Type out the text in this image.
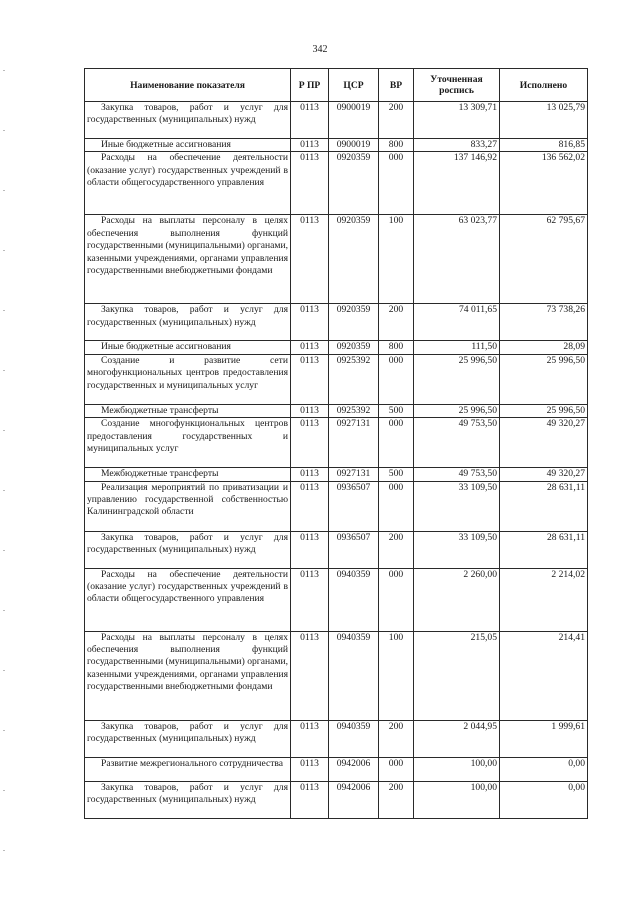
342
Наименование показателя	Р ПР	ЦСР	ВР	Уточненная роспись	Исполнено
Закупка товаров, работ и услуг для государственных (муниципальных) нужд	0113	0900019	200	13 309,71	13 025,79
Иные бюджетные ассигнования	0113	0900019	800	833,27	816,85
Расходы на обеспечение деятельности (оказание услуг) государственных учреждений в области общегосударственного управления	0113	0920359	000	137 146,92	136 562,02
Расходы на выплаты персоналу в целях обеспечения выполнения функций государственными (муниципальными) органами, казенными учреждениями, органами управления государственными внебюджетными фондами	0113	0920359	100	63 023,77	62 795,67
Закупка товаров, работ и услуг для государственных (муниципальных) нужд	0113	0920359	200	74 011,65	73 738,26
Иные бюджетные ассигнования	0113	0920359	800	111,50	28,09
Создание и развитие сети многофункциональных центров предоставления государственных и муниципальных услуг	0113	0925392	000	25 996,50	25 996,50
Межбюджетные трансферты	0113	0925392	500	25 996,50	25 996,50
Создание многофункциональных центров предоставления государственных и муниципальных услуг	0113	0927131	000	49 753,50	49 320,27
Межбюджетные трансферты	0113	0927131	500	49 753,50	49 320,27
Реализация мероприятий по приватизации и управлению государственной собственностью Калининградской области	0113	0936507	000	33 109,50	28 631,11
Закупка товаров, работ и услуг для государственных (муниципальных) нужд	0113	0936507	200	33 109,50	28 631,11
Расходы на обеспечение деятельности (оказание услуг) государственных учреждений в области общегосударственного управления	0113	0940359	000	2 260,00	2 214,02
Расходы на выплаты персоналу в целях обеспечения выполнения функций государственными (муниципальными) органами, казенными учреждениями, органами управления государственными внебюджетными фондами	0113	0940359	100	215,05	214,41
Закупка товаров, работ и услуг для государственных (муниципальных) нужд	0113	0940359	200	2 044,95	1 999,61
Развитие межрегионального сотрудничества	0113	0942006	000	100,00	0,00
Закупка товаров, работ и услуг для государственных (муниципальных) нужд	0113	0942006	200	100,00	0,00
